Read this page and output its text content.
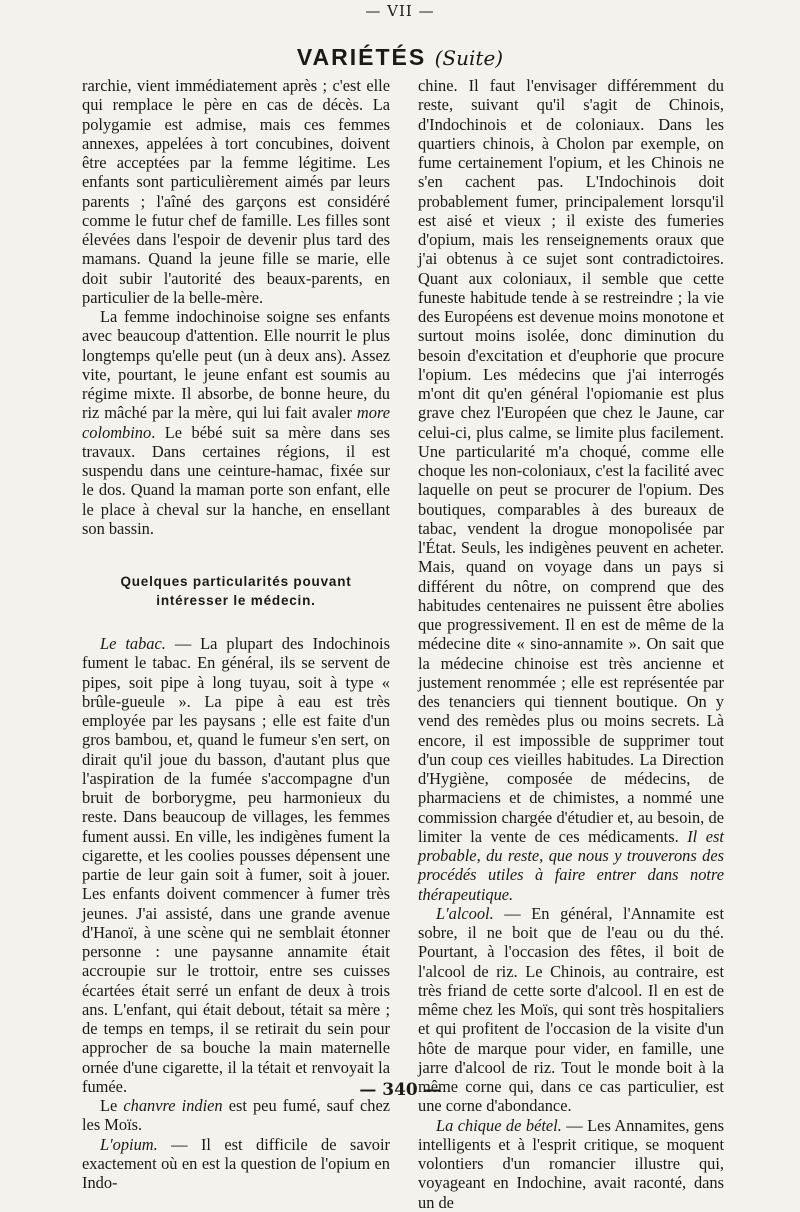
— VII —
VARIÉTÉS (Suite)

rarchie, vient immédiatement après ; c'est elle qui remplace le père en cas de décès. La polygamie est admise, mais ces femmes annexes, appelées à tort concubines, doivent être acceptées par la femme légitime. Les enfants sont particulièrement aimés par leurs parents ; l'aîné des garçons est considéré comme le futur chef de famille. Les filles sont élevées dans l'espoir de devenir plus tard des mamans. Quand la jeune fille se marie, elle doit subir l'autorité des beaux-parents, en particulier de la belle-mère.

La femme indochinoise soigne ses enfants avec beaucoup d'attention. Elle nourrit le plus longtemps qu'elle peut (un à deux ans). Assez vite, pourtant, le jeune enfant est soumis au régime mixte. Il absorbe, de bonne heure, du riz mâché par la mère, qui lui fait avaler more colombino. Le bébé suit sa mère dans ses travaux. Dans certaines régions, il est suspendu dans une ceinture-hamac, fixée sur le dos. Quand la maman porte son enfant, elle le place à cheval sur la hanche, en ensellant son bassin.

Quelques particularités pouvant
intéresser le médecin.

Le tabac. — La plupart des Indochinois fument le tabac. En général, ils se servent de pipes, soit pipe à long tuyau, soit à type « brûle-gueule ». La pipe à eau est très employée par les paysans ; elle est faite d'un gros bambou, et, quand le fumeur s'en sert, on dirait qu'il joue du basson, d'autant plus que l'aspiration de la fumée s'accompagne d'un bruit de borborygme, peu harmonieux du reste. Dans beaucoup de villages, les femmes fument aussi. En ville, les indigènes fument la cigarette, et les coolies pousses dépensent une partie de leur gain soit à fumer, soit à jouer. Les enfants doivent commencer à fumer très jeunes. J'ai assisté, dans une grande avenue d'Hanoï, à une scène qui ne semblait étonner personne : une paysanne annamite était accroupie sur le trottoir, entre ses cuisses écartées était serré un enfant de deux à trois ans. L'enfant, qui était debout, tétait sa mère ; de temps en temps, il se retirait du sein pour approcher de sa bouche la main maternelle ornée d'une cigarette, il la tétait et renvoyait la fumée.

Le chanvre indien est peu fumé, sauf chez les Moïs.

L'opium. — Il est difficile de savoir exactement où en est la question de l'opium en Indo-

chine. Il faut l'envisager différemment du reste, suivant qu'il s'agit de Chinois, d'Indochinois et de coloniaux. Dans les quartiers chinois, à Cholon par exemple, on fume certainement l'opium, et les Chinois ne s'en cachent pas. L'Indochinois doit probablement fumer, principalement lorsqu'il est aisé et vieux ; il existe des fumeries d'opium, mais les renseignements oraux que j'ai obtenus à ce sujet sont contradictoires. Quant aux coloniaux, il semble que cette funeste habitude tende à se restreindre ; la vie des Européens est devenue moins monotone et surtout moins isolée, donc diminution du besoin d'excitation et d'euphorie que procure l'opium. Les médecins que j'ai interrogés m'ont dit qu'en général l'opiomanie est plus grave chez l'Européen que chez le Jaune, car celui-ci, plus calme, se limite plus facilement. Une particularité m'a choqué, comme elle choque les non-coloniaux, c'est la facilité avec laquelle on peut se procurer de l'opium. Des boutiques, comparables à des bureaux de tabac, vendent la drogue monopolisée par l'État. Seuls, les indigènes peuvent en acheter. Mais, quand on voyage dans un pays si différent du nôtre, on comprend que des habitudes centenaires ne puissent être abolies que progressivement. Il en est de même de la médecine dite « sino-annamite ». On sait que la médecine chinoise est très ancienne et justement renommée ; elle est représentée par des tenanciers qui tiennent boutique. On y vend des remèdes plus ou moins secrets. Là encore, il est impossible de supprimer tout d'un coup ces vieilles habitudes. La Direction d'Hygiène, composée de médecins, de pharmaciens et de chimistes, a nommé une commission chargée d'étudier et, au besoin, de limiter la vente de ces médicaments. Il est probable, du reste, que nous y trouverons des procédés utiles à faire entrer dans notre thérapeutique.

L'alcool. — En général, l'Annamite est sobre, il ne boit que de l'eau ou du thé. Pourtant, à l'occasion des fêtes, il boit de l'alcool de riz. Le Chinois, au contraire, est très friand de cette sorte d'alcool. Il en est de même chez les Moïs, qui sont très hospitaliers et qui profitent de l'occasion de la visite d'un hôte de marque pour vider, en famille, une jarre d'alcool de riz. Tout le monde boit à la même corne qui, dans ce cas particulier, est une corne d'abondance.

La chique de bétel. — Les Annamites, gens intelligents et à l'esprit critique, se moquent volontiers d'un romancier illustre qui, voyageant en Indochine, avait raconté, dans un de

— 340 —
